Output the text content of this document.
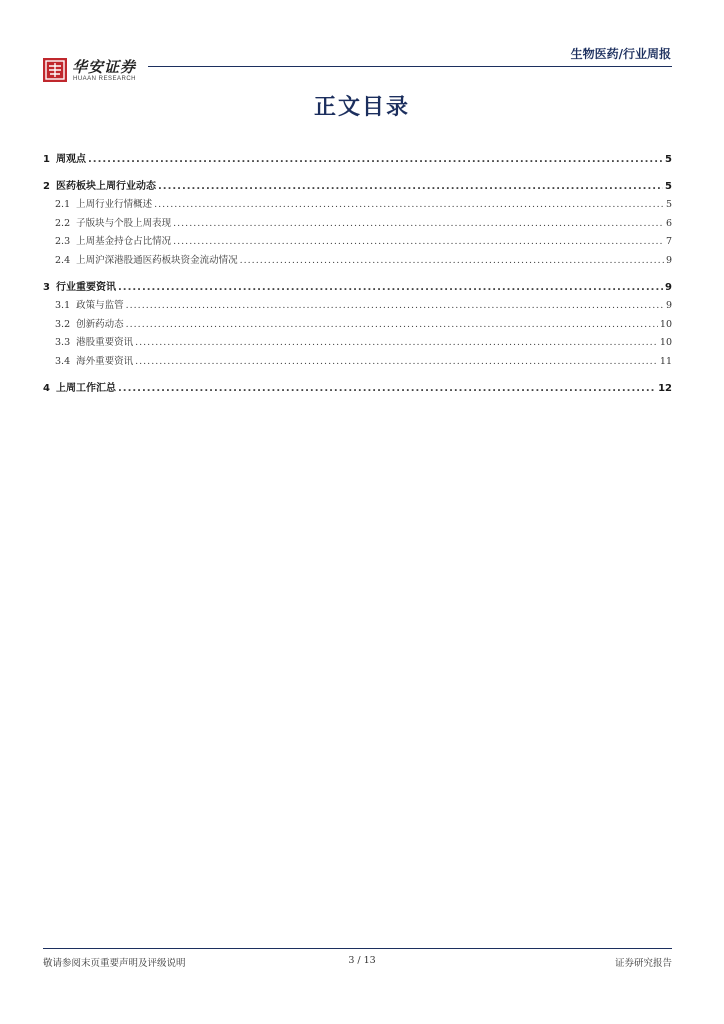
华安证券
HUAAN RESEARCH
生物医药/行业周报
正文目录
1 周观点 .....	5
2 医药板块上周行业动态 .....	5
2.1 上周行业行情概述 .....	5
2.2 子版块与个股上周表现 .....	6
2.3 上周基金持仓占比情况 .....	7
2.4 上周沪深港股通医药板块资金流动情况 .....	9
3 行业重要资讯 .....	9
3.1 政策与监管 .....	9
3.2 创新药动态 .....	10
3.3 港股重要资讯 .....	10
3.4 海外重要资讯 .....	11
4 上周工作汇总 .....	12
敬请参阅末页重要声明及评级说明	3 / 13	证券研究报告
